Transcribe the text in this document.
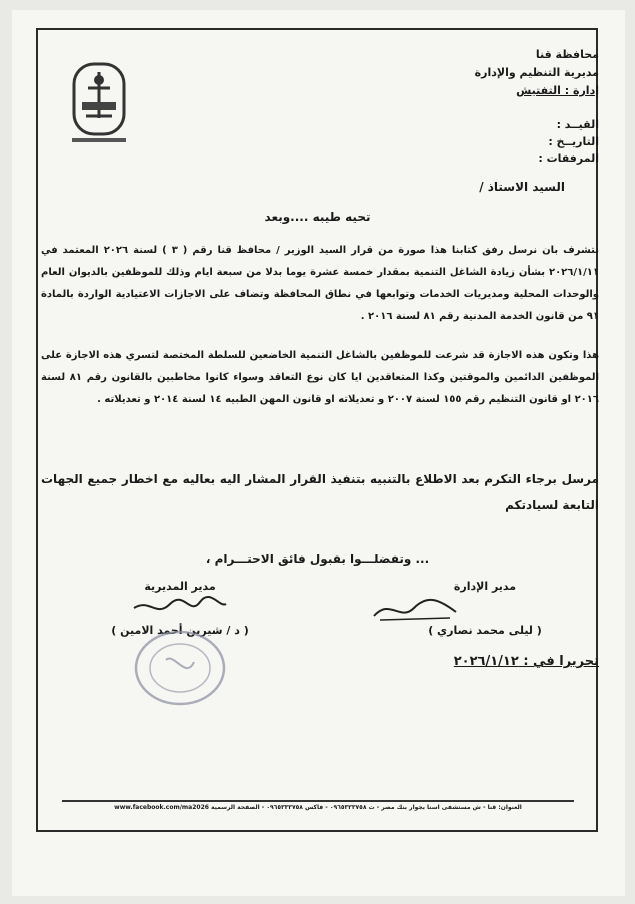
محافظة قنا
مديرية التنظيم والإدارة
إدارة : التفتيش
القيــد :
التاريــخ :
المرفقات :
السيد الاستاذ /
تحيه طيبه ....وبعد
نتشرف بان نرسل رفق كتابنا هذا صورة من قرار السيد الوزير / محافظ قنا رقم ( ٣ ) لسنة ٢٠٢٦ المعتمد في ٢٠٢٦/١/١١ بشأن زيادة الشاغل التنمية بمقدار خمسة عشرة يوما بدلا من سبعة ايام وذلك للموظفين بالديوان العام والوحدات المحلية ومديريات الخدمات وتوابعها في نطاق المحافظة وتضاف على الاجازات الاعتيادية الواردة بالمادة ٩١ من قانون الخدمة المدنية رقم ٨١ لسنة ٢٠١٦ .
هذا وتكون هذه الاجازة قد شرعت للموظفين بالشاغل التنمية الخاضعين للسلطة المختصة لتسري هذه الاجازة على الموظفين الدائمين والموقتين وكذا المتعاقدين ايا كان نوع التعاقد وسواء كانوا مخاطبين بالقانون رقم ٨١ لسنة ٢٠١٦ او قانون التنظيم رقم ١٥٥ لسنة ٢٠٠٧ و تعديلاته او قانون المهن الطبيه ١٤ لسنة ٢٠١٤ و تعديلاته .
مرسل برجاء التكرم بعد الاطلاع بالتنبيه بتنفيذ القرار المشار اليه بعاليه مع اخطار جميع الجهات التابعة لسيادتكم
... وتفضلـــوا بقبول فائق الاحتـــرام ،
مدير الإدارة
( ليلى محمد نصاري )
مدير المديرية
( د / شيرين أحمد الامين )
تحريرا في : ٢٠٢٦/١/١٢
العنوان: قنا - ش مستشفى اسنا بجوار بنك مصر - ت ٠٩٦٥٣٣٣٧٥٨ - فاكس ٠٩٦٥٣٣٣٧٥٨ - الصفحة الرسمية www.facebook.com/ma2026
